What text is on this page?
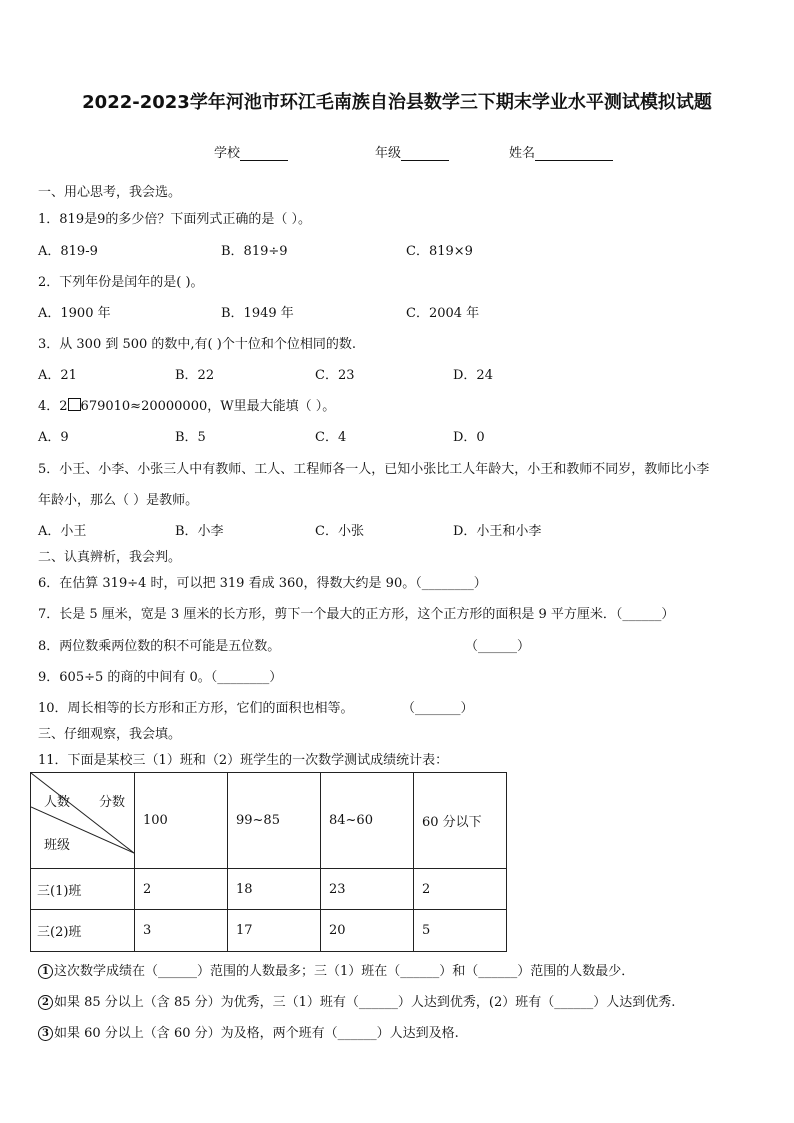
2022-2023学年河池市环江毛南族自治县数学三下期末学业水平测试模拟试题
学校	年级	姓名
一、用心思考，我会选。
1．819是9的多少倍？下面列式正确的是（ ）。
A．819-9	B．819÷9	C．819×9
2．下列年份是闰年的是( )。
A．1900 年	B．1949 年	C．2004 年
3．从 300 到 500 的数中,有( )个十位和个位相同的数.
A．21	B．22	C．23	D．24
4．2 679010≈20000000，W里最大能填（ ）。
A．9	B．5	C．4	D．0
5．小王、小李、小张三人中有教师、工人、工程师各一人，已知小张比工人年龄大，小王和教师不同岁，教师比小李
年龄小，那么（ ）是教师。
A．小王	B．小李	C．小张	D．小王和小李
二、认真辨析，我会判。
6．在估算 319÷4 时，可以把 319 看成 360，得数大约是 90。（________）
7．长是 5 厘米，宽是 3 厘米的长方形，剪下一个最大的正方形，这个正方形的面积是 9 平方厘米．（______）
8．两位数乘两位数的积不可能是五位数。	（______）
9．605÷5 的商的中间有 0。（________）
10．周长相等的长方形和正方形，它们的面积也相等。	（_______）
三、仔细观察，我会填。
11．下面是某校三（1）班和（2）班学生的一次数学测试成绩统计表：
人数 分数
班级	100	99~85	84~60	60 分以下
三(1)班	2	18	23	2
三(2)班	3	17	20	5
1 这次数学成绩在（______）范围的人数最多；三（1）班在（______）和（______）范围的人数最少．
2 如果 85 分以上（含 85 分）为优秀，三（1）班有（______）人达到优秀，(2）班有（______）人达到优秀.
3 如果 60 分以上（含 60 分）为及格，两个班有（______）人达到及格.
